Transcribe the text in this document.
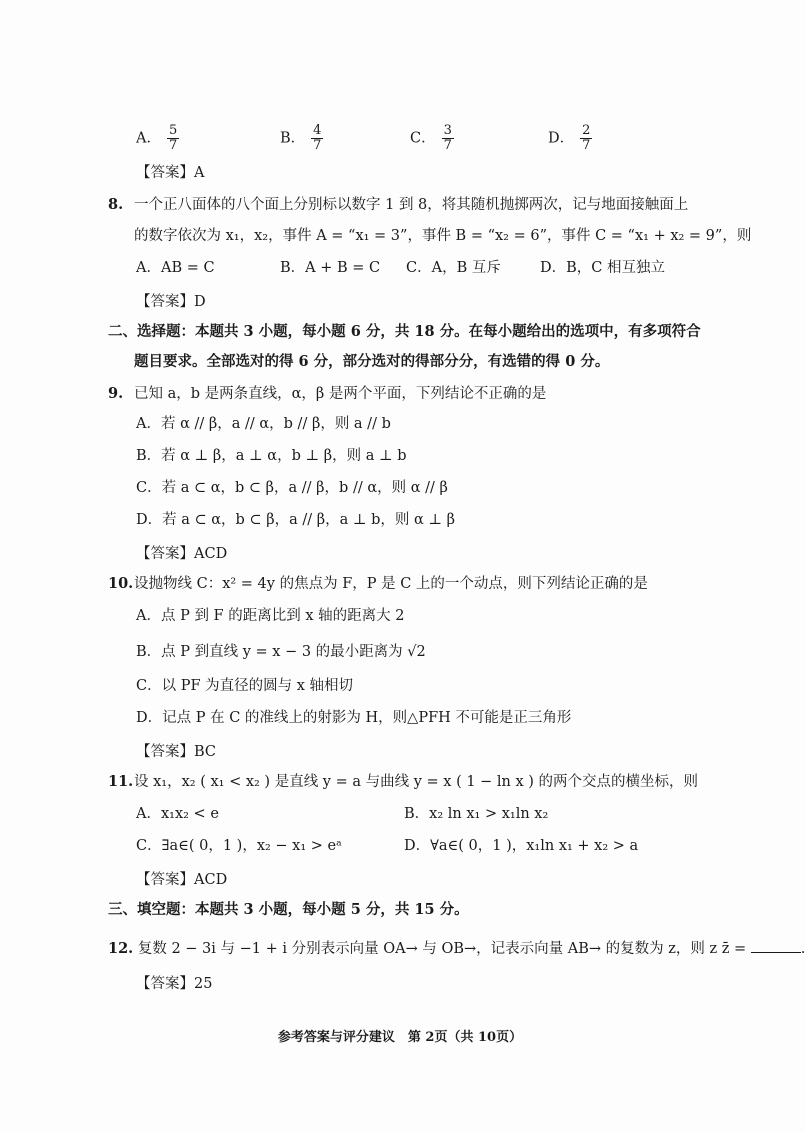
A． $\frac{5}{7}$	B． $\frac{4}{7}$	C． $\frac{3}{7}$	D． $\frac{2}{7}$
【答案】A
8. 一个正八面体的八个面上分别标以数字 1 到 8，将其随机抛掷两次，记与地面接触面上
的数字依次为 x₁，x₂，事件 A = “x₁ = 3”，事件 B = “x₂ = 6”，事件 C = “x₁ + x₂ = 9”，则
A．AB = C	B．A + B = C C．A，B 互斥	D．B，C 相互独立
【答案】D
二、选择题：本题共 3 小题，每小题 6 分，共 18 分。在每小题给出的选项中，有多项符合
题目要求。全部选对的得 6 分，部分选对的得部分分，有选错的得 0 分。
9. 已知 a，b 是两条直线，α，β 是两个平面，下列结论不正确的是
A．若 α // β，a // α，b // β，则 a // b
B．若 α ⊥ β，a ⊥ α，b ⊥ β，则 a ⊥ b
C．若 a ⊂ α，b ⊂ β，a // β，b // α，则 α // β
D．若 a ⊂ α，b ⊂ β，a // β，a ⊥ b，则 α ⊥ β
【答案】ACD
10. 设抛物线 C：x² = 4y 的焦点为 F，P 是 C 上的一个动点，则下列结论正确的是
A．点 P 到 F 的距离比到 x 轴的距离大 2
B．点 P 到直线 y = x − 3 的最小距离为 √2
C．以 PF 为直径的圆与 x 轴相切
D．记点 P 在 C 的准线上的射影为 H，则△PFH 不可能是正三角形
【答案】BC
11. 设 x₁，x₂ ( x₁ < x₂ ) 是直线 y = a 与曲线 y = x ( 1 − ln x ) 的两个交点的横坐标，则
A．x₁x₂ < e	B．x₂ ln x₁ > x₁ln x₂
C．∃a∈( 0，1 )，x₂ − x₁ > eᵃ	D．∀a∈( 0，1 )，x₁ln x₁ + x₂ > a
【答案】ACD
三、填空题：本题共 3 小题，每小题 5 分，共 15 分。
12. 复数 2 − 3i 与 −1 + i 分别表示向量 OA→ 与 OB→，记表示向量 AB→ 的复数为 z，则 z z̄ =	.
【答案】25
参考答案与评分建议　第 2页（共 10页）
